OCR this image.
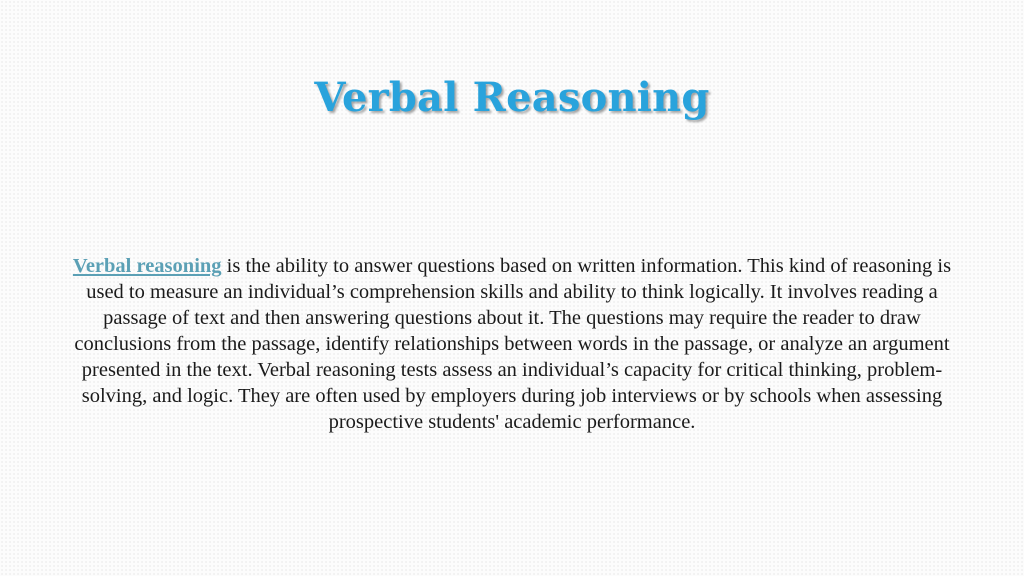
Verbal Reasoning

Verbal reasoning is the ability to answer questions based on written information. This kind of reasoning is used to measure an individual’s comprehension skills and ability to think logically. It involves reading a passage of text and then answering questions about it. The questions may require the reader to draw conclusions from the passage, identify relationships between words in the passage, or analyze an argument presented in the text. Verbal reasoning tests assess an individual’s capacity for critical thinking, problem-solving, and logic. They are often used by employers during job interviews or by schools when assessing prospective students' academic performance.
